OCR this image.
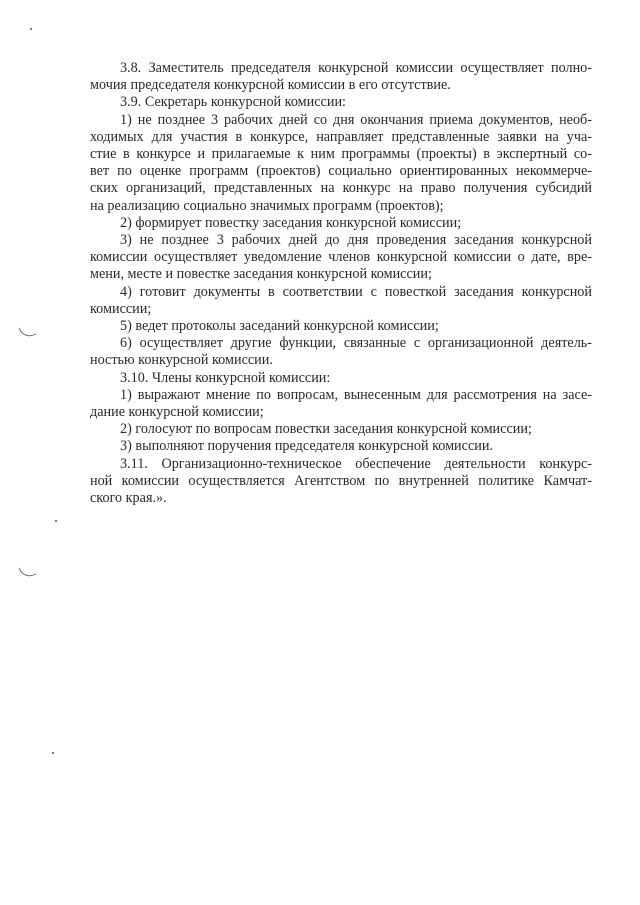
3.8. Заместитель председателя конкурсной комиссии осуществляет полно-
мочия председателя конкурсной комиссии в его отсутствие.
3.9. Секретарь конкурсной комиссии:
1) не позднее 3 рабочих дней со дня окончания приема документов, необ-
ходимых для участия в конкурсе, направляет представленные заявки на уча-
стие в конкурсе и прилагаемые к ним программы (проекты) в экспертный со-
вет по оценке программ (проектов) социально ориентированных некоммерче-
ских организаций, представленных на конкурс на право получения субсидий
на реализацию социально значимых программ (проектов);
2) формирует повестку заседания конкурсной комиссии;
3) не позднее 3 рабочих дней до дня проведения заседания конкурсной
комиссии осуществляет уведомление членов конкурсной комиссии о дате, вре-
мени, месте и повестке заседания конкурсной комиссии;
4) готовит документы в соответствии с повесткой заседания конкурсной
комиссии;
5) ведет протоколы заседаний конкурсной комиссии;
6) осуществляет другие функции, связанные с организационной деятель-
ностью конкурсной комиссии.
3.10. Члены конкурсной комиссии:
1) выражают мнение по вопросам, вынесенным для рассмотрения на засе-
дание конкурсной комиссии;
2) голосуют по вопросам повестки заседания конкурсной комиссии;
3) выполняют поручения председателя конкурсной комиссии.
3.11. Организационно-техническое обеспечение деятельности конкурс-
ной комиссии осуществляется Агентством по внутренней политике Камчат-
ского края.».
